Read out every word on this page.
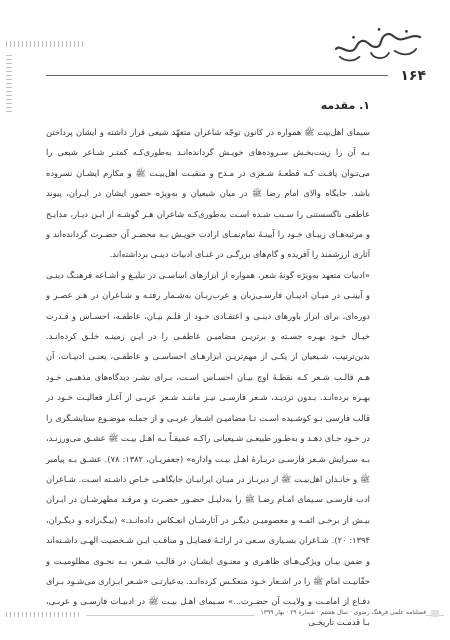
۱۶۴
۱. مقدمه

سیمای اهل‌بیت ﷺ همواره در کانون توجّه شاعران متعهّد شیعی قرار داشته و ایشان پرداختن بـه آن را زینت‌بخـش سـروده‌های خویـش گردانده‌انـد به‌طوری‌کـه کمتـر شـاعر شیعی را می‌تـوان یافـت کـه قطعـۀ شـعری در مـدح و منقبـت اهل‌بیـت ﷺ و مکارم ایشـان نسروده باشد. جایگاه والای امام رضا ﷺ در میان شیعیان و به‌ویژه حضور ایشان در ایـران، پیوند عاطفی ناگسستنی را سـبب شـده اسـت به‌طوری‌کـه شاعران هـر گوشـه از ایـن دیـار، مدایـح و مرثیه‌هـای زیبـای خـود را آیینـۀ تمام‌نمـای ارادت خویـش بـه محضـر آن حضـرت گردانده‌اند و آثاری ارزشمند را آفریده و گام‌های بزرگـی در غنـای ادبیات دینـی برداشته‌اند.

«ادبیات متعهد به‌ویژه گونۀ شعر، همواره از ابزارهای اساسـی در تبلیـغ و اشـاعه فرهنـگ دینـی و آیینـی در میـان ادیبـان فارسـی‌زبان و عرب‌زبـان به‌شـمار رفتـه و شـاعران در هـر عصـر و دوره‌ای، برای ابراز باورهای دینـی و اعتقـادی خـود از قلـم بیـان، عاطفـه، احسـاس و قـدرت خیـال خـود بهـره جسـته و برتریـن مضامیـن عاطفـی را در ایـن زمینـه خلـق کرده‌انـد. بدین‌ترتیب، شـیعیان از یکـی از مهم‌تریـن ابزارهـای احساسـی و عاطفـی، یعنـی ادبیـات، آن هـم قالـب شـعر کـه نقطـۀ اوج بیـان احسـاس اسـت، بـرای نشـر دیدگاه‌های مذهبـی خـود بهـره برده‌انـد. بـدون تردیـد، شـعر فارسـی نیـز ماننـد شـعر عربـی از آغـاز فعالیـت خـود در قالب فارسی نـو کوشـیده اسـت تـا مضامیـن اشـعار عربـی و از جملـه موضـوع ستایشـگری را در خـود جـای دهـد و به‌طـور طبیعـی شـیعیانی راکـه عمیقـاً بـه اهـل بیـت ﷺ عشـق می‌ورزنـد، بـه سـرایش شـعر فارسـی دربـارۀ اهـل بیـت واداره» (جعفریـان، ۱۳۸۲: ۷۸). عشـق بـه پیامبر ﷺ و خانـدان اهل‌بیـت ﷺ از دیربـاز در میـان ایرانیـان جایگاهـی خـاص داشـته اسـت. شـاعران ادب فارسـی سـیمای امـام رضـا ﷺ را به‌دلیـل حضـور حضـرت و مرقـد مطهرشـان در ایـران بیـش از برخـی ائمـه و معصومیـن دیگـر در آثارشـان انعـکاس داده‌انـد.» (بیـگ‌زاده و دیگـران، ۱۳۹۴: ۲۰). شـاعران بسـیاری سـعی در ارائـۀ فضایـل و مناقـب ایـن شـخصیت الهـی داشـته‌اند و ضمن بیـان ویژگی‌هـای ظاهـری و معنـوی ایشـان در قالـب شـعر، بـه نحـوی مظلومیـت و حقّانیـت امام ﷺ را در اشـعار خـود منعکـس کرده‌انـد. به‌عبارتـی «شـعر ابـزاری می‌شـود بـرای دفـاع از امامـت و ولایـت آن حضـرت...» سـیمای اهـل بیـت ﷺ در ادبیـات فارسـی و عربـی، بـا قدمـت تاریخـی

فصلنامه علمی فرهنگ رضوی · سال هشتم · شماره ۲۹ · بهار ۱۳۹۹
